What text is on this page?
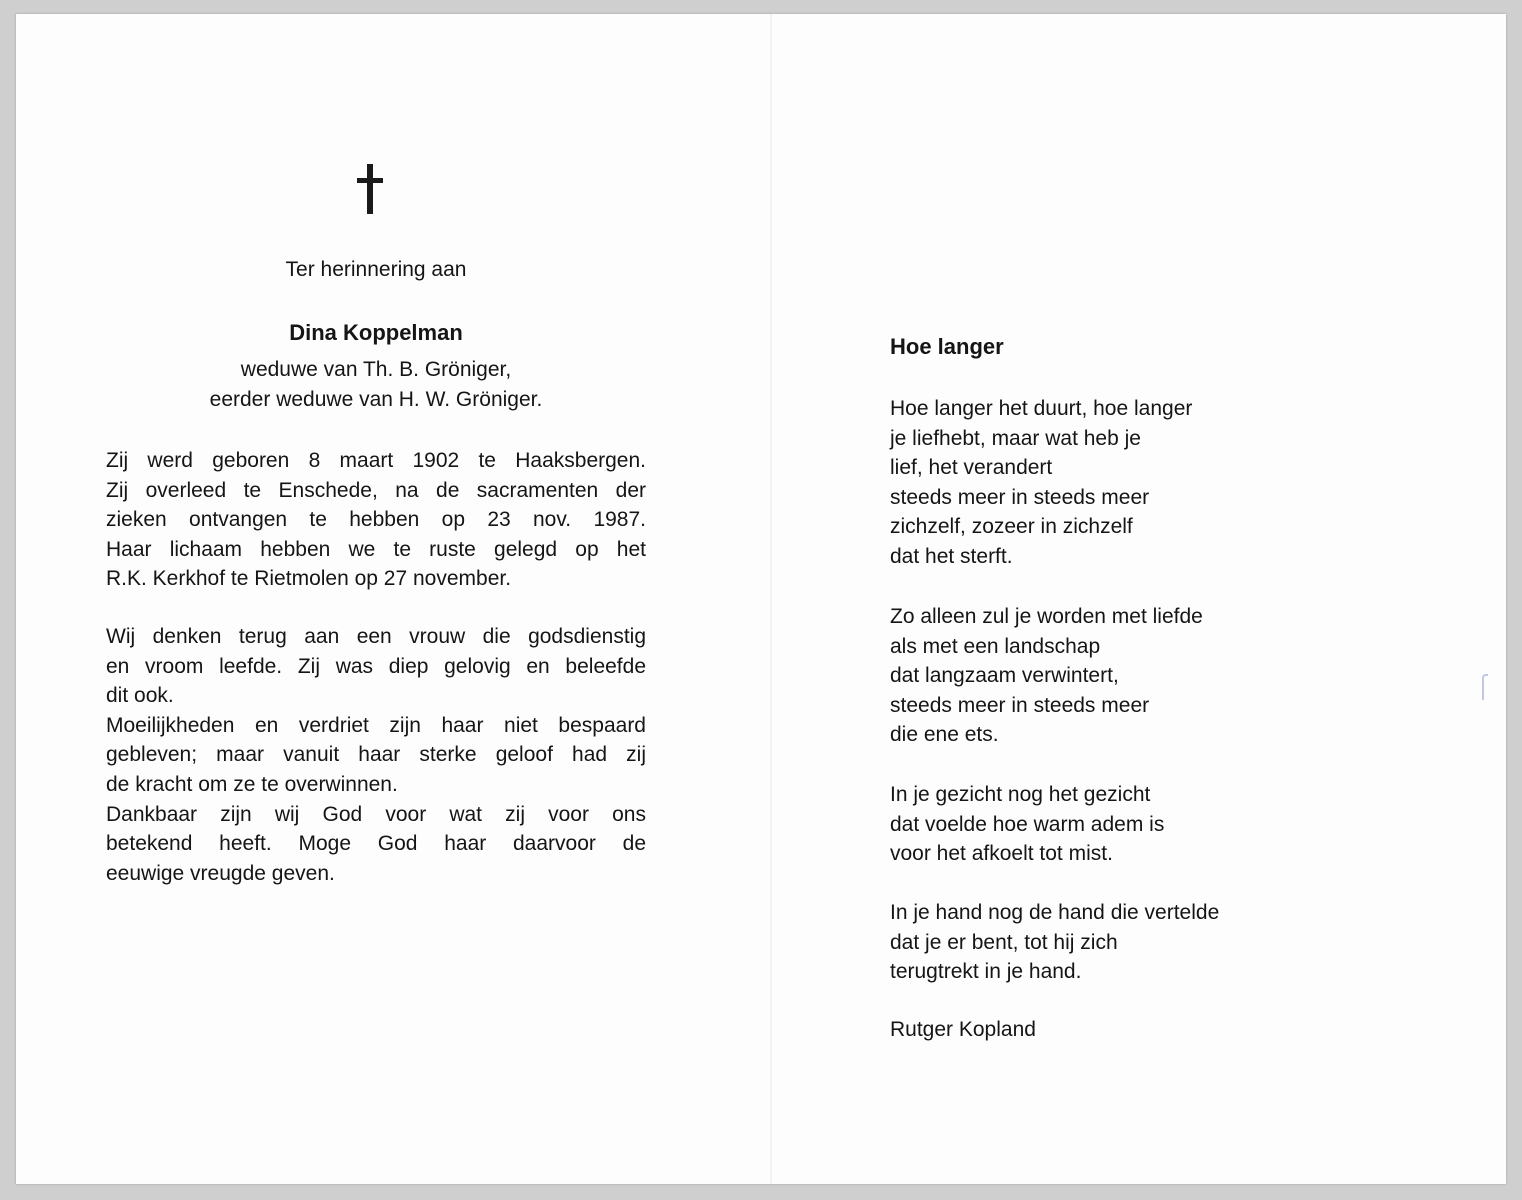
Ter herinnering aan
Dina Koppelman
weduwe van Th. B. Gröniger,
eerder weduwe van H. W. Gröniger.
Zij werd geboren 8 maart 1902 te Haaksbergen.
Zij overleed te Enschede, na de sacramenten der
zieken ontvangen te hebben op 23 nov. 1987.
Haar lichaam hebben we te ruste gelegd op het
R.K. Kerkhof te Rietmolen op 27 november.
Wij denken terug aan een vrouw die godsdienstig
en vroom leefde. Zij was diep gelovig en beleefde
dit ook.
Moeilijkheden en verdriet zijn haar niet bespaard
gebleven; maar vanuit haar sterke geloof had zij
de kracht om ze te overwinnen.
Dankbaar zijn wij God voor wat zij voor ons
betekend heeft. Moge God haar daarvoor de
eeuwige vreugde geven.
Hoe langer
Hoe langer het duurt, hoe langer
je liefhebt, maar wat heb je
lief, het verandert
steeds meer in steeds meer
zichzelf, zozeer in zichzelf
dat het sterft.
Zo alleen zul je worden met liefde
als met een landschap
dat langzaam verwintert,
steeds meer in steeds meer
die ene ets.
In je gezicht nog het gezicht
dat voelde hoe warm adem is
voor het afkoelt tot mist.
In je hand nog de hand die vertelde
dat je er bent, tot hij zich
terugtrekt in je hand.
Rutger Kopland
